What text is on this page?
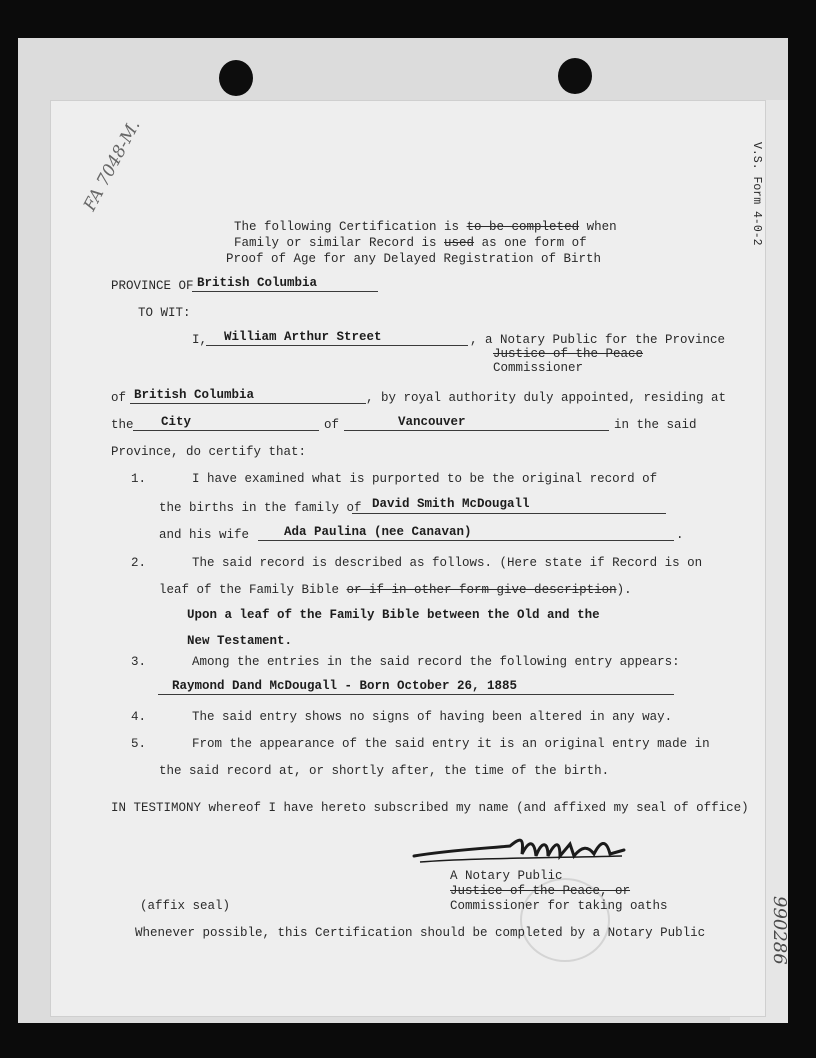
V.S. Form 4-0-2
FA 7048-M.
990286
The following Certification is to be completed when
Family or similar Record is used as one form of
Proof of Age for any Delayed Registration of Birth
PROVINCE OF British Columbia
TO WIT:
I, William Arthur Street	, a Notary Public for the Province
Justice of the Peace
Commissioner
of British Columbia	, by royal authority duly appointed, residing at
the City	of	Vancouver	in the said
Province, do certify that:
1.	I have examined what is purported to be the original record of
the births in the family of David Smith McDougall
and his wife	Ada Paulina (nee Canavan)	.
2.	The said record is described as follows. (Here state if Record is on
leaf of the Family Bible or if in other form give description).
Upon a leaf of the Family Bible between the Old and the
New Testament.
3.	Among the entries in the said record the following entry appears:
Raymond Dand McDougall - Born October 26, 1885
4.	The said entry shows no signs of having been altered in any way.
5.	From the appearance of the said entry it is an original entry made in
the said record at, or shortly after, the time of the birth.
IN TESTIMONY whereof I have hereto subscribed my name (and affixed my seal of office)
A Notary Public
Justice of the Peace, or
Commissioner for taking oaths
(affix seal)
Whenever possible, this Certification should be completed by a Notary Public
